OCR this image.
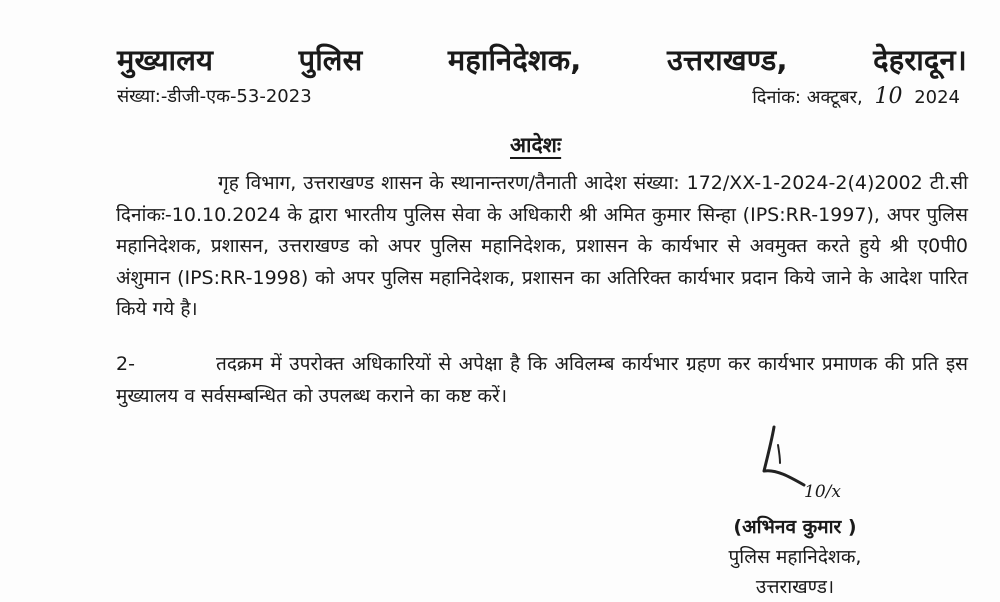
मुख्यालय	पुलिस	महानिदेशक,	उत्तराखण्ड,	देहरादून।
संख्या:-डीजी-एक-53-2023	दिनांक: अक्टूबर, 10 2024
आदेशः

गृह विभाग, उत्तराखण्ड शासन के स्थानान्तरण/तैनाती आदेश संख्या: 172/XX-1-2024-2(4)2002 टी.सी दिनांकः-10.10.2024 के द्वारा भारतीय पुलिस सेवा के अधिकारी श्री अमित कुमार सिन्हा (IPS:RR-1997), अपर पुलिस महानिदेशक, प्रशासन, उत्तराखण्ड को अपर पुलिस महानिदेशक, प्रशासन के कार्यभार से अवमुक्त करते हुये श्री ए0पी0 अंशुमान (IPS:RR-1998) को अपर पुलिस महानिदेशक, प्रशासन का अतिरिक्त कार्यभार प्रदान किये जाने के आदेश पारित किये गये है।

2-	तदक्रम में उपरोक्त अधिकारियों से अपेक्षा है कि अविलम्ब कार्यभार ग्रहण कर कार्यभार प्रमाणक की प्रति इस मुख्यालय व सर्वसम्बन्धित को उपलब्ध कराने का कष्ट करें।

10/x
(अभिनव कुमार )
पुलिस महानिदेशक,
उत्तराखण्ड।
